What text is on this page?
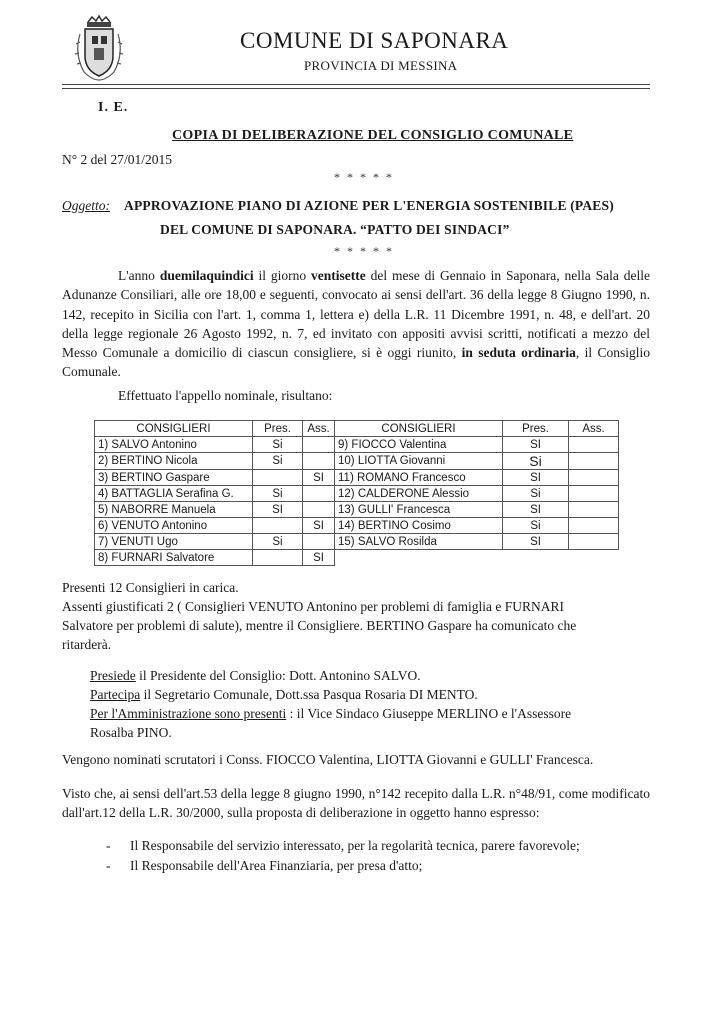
COMUNE DI SAPONARA
PROVINCIA DI MESSINA
I. E.
COPIA DI DELIBERAZIONE DEL CONSIGLIO COMUNALE
N° 2 del 27/01/2015
* * * * *
Oggetto: APPROVAZIONE PIANO DI AZIONE PER L'ENERGIA SOSTENIBILE (PAES)
DEL COMUNE DI SAPONARA. “PATTO DEI SINDACI”
* * * * *

L'anno duemilaquindici il giorno ventisette del mese di Gennaio in Saponara, nella Sala delle Adunanze Consiliari, alle ore 18,00 e seguenti, convocato ai sensi dell'art. 36 della legge 8 Giugno 1990, n. 142, recepito in Sicilia con l'art. 1, comma 1, lettera e) della L.R. 11 Dicembre 1991, n. 48, e dell'art. 20 della legge regionale 26 Agosto 1992, n. 7, ed invitato con appositi avvisi scritti, notificati a mezzo del Messo Comunale a domicilio di ciascun consigliere, si è oggi riunito, in seduta ordinaria, il Consiglio Comunale.

Effettuato l'appello nominale, risultano:
CONSIGLIERI	Pres.	Ass.	CONSIGLIERI	Pres.	Ass.
1) SALVO Antonino	Si		9) FIOCCO Valentina	SI	
2) BERTINO Nicola	Si		10) LIOTTA Giovanni	Si	
3) BERTINO Gaspare		SI	11) ROMANO Francesco	SI	
4) BATTAGLIA Serafina G.	Si		12) CALDERONE Alessio	Si	
5) NABORRE Manuela	SI		13) GULLI' Francesca	SI	
6) VENUTO Antonino		SI	14) BERTINO Cosimo	Si	
7) VENUTI Ugo	Si		15) SALVO Rosilda	SI	
8) FURNARI Salvatore		SI			
Presenti 12 Consiglieri in carica.
Assenti giustificati 2 ( Consiglieri VENUTO Antonino per problemi di famiglia e FURNARI
Salvatore per problemi di salute), mentre il Consigliere. BERTINO Gaspare ha comunicato che
ritarderà.
Presiede il Presidente del Consiglio: Dott. Antonino SALVO.
Partecipa il Segretario Comunale, Dott.ssa Pasqua Rosaria DI MENTO.
Per l'Amministrazione sono presenti : il Vice Sindaco Giuseppe MERLINO e l'Assessore
Rosalba PINO.
Vengono nominati scrutatori i Conss. FIOCCO Valentina, LIOTTA Giovanni e GULLI' Francesca.

Visto che, ai sensi dell'art.53 della legge 8 giugno 1990, n°142 recepito dalla L.R. n°48/91, come modificato dall'art.12 della L.R. 30/2000, sulla proposta di deliberazione in oggetto hanno espresso:

- Il Responsabile del servizio interessato, per la regolarità tecnica, parere favorevole;
- Il Responsabile dell'Area Finanziaria, per presa d'atto;
